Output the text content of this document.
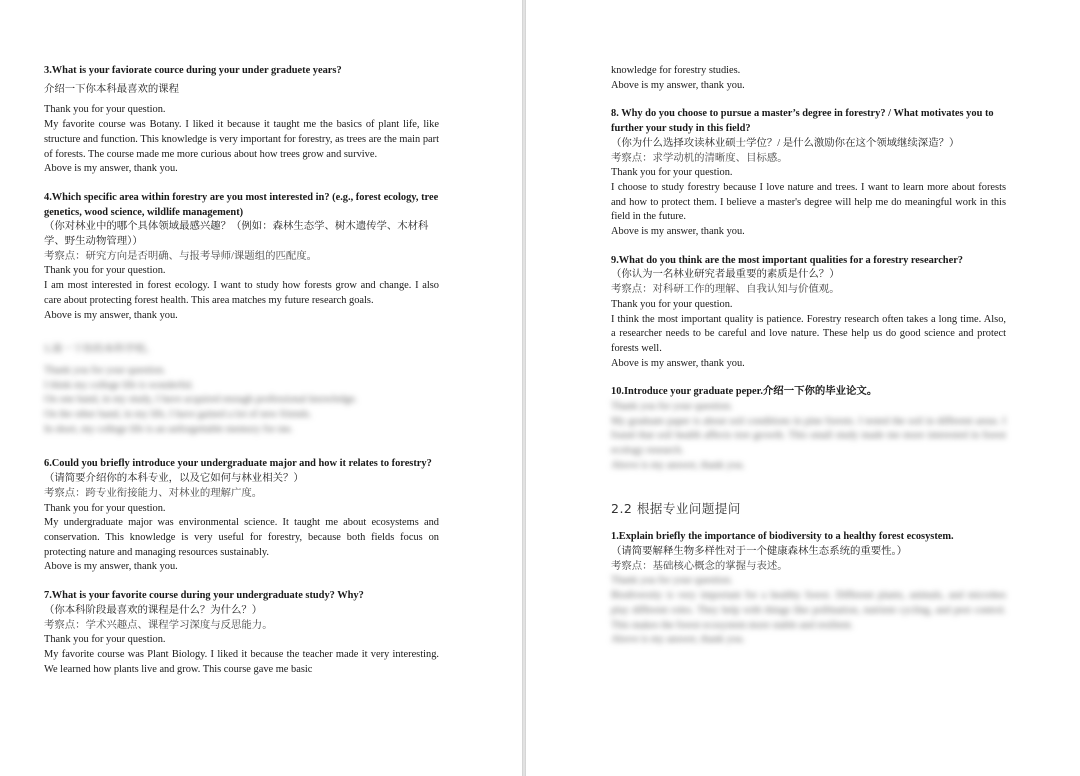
3.What is your faviorate cource during your under graduete years?

介绍一下你本科最喜欢的课程

Thank you for your question.

My favorite course was Botany. I liked it because it taught me the basics of plant life, like structure and function. This knowledge is very important for forestry, as trees are the main part of forests. The course made me more curious about how trees grow and survive.

Above is my answer, thank you.

4.Which specific area within forestry are you most interested in? (e.g., forest ecology, tree genetics, wood science, wildlife management)

（你对林业中的哪个具体领域最感兴趣？（例如：森林生态学、树木遗传学、木材科学、野生动物管理））

考察点：研究方向是否明确、与报考导师/课题组的匹配度。

Thank you for your question.

I am most interested in forest ecology. I want to study how forests grow and change. I also care about protecting forest health. This area matches my future research goals.

Above is my answer, thank you.

5.谈一下你的本科学校。

Thank you for your question.

I think my college life is wonderful.

On one hand, in my study, I have acquired enough professional knowledge.

On the other hand, in my life, I have gained a lot of new friends.

In short, my college life is an unforgettable memory for me.

6.Could you briefly introduce your undergraduate major and how it relates to forestry?

（请简要介绍你的本科专业，以及它如何与林业相关？）

考察点：跨专业衔接能力、对林业的理解广度。

Thank you for your question.

My undergraduate major was environmental science. It taught me about ecosystems and conservation. This knowledge is very useful for forestry, because both fields focus on protecting nature and managing resources sustainably.

Above is my answer, thank you.

7.What is your favorite course during your undergraduate study? Why?

（你本科阶段最喜欢的课程是什么？为什么？）

考察点：学术兴趣点、课程学习深度与反思能力。

Thank you for your question.

My favorite course was Plant Biology. I liked it because the teacher made it very interesting. We learned how plants live and grow. This course gave me basic

knowledge for forestry studies.

Above is my answer, thank you.

8. Why do you choose to pursue a master’s degree in forestry? / What motivates you to further your study in this field?

（你为什么选择攻读林业硕士学位？/ 是什么激励你在这个领域继续深造？）

考察点：求学动机的清晰度、目标感。

Thank you for your question.

I choose to study forestry because I love nature and trees. I want to learn more about forests and how to protect them. I believe a master's degree will help me do meaningful work in this field in the future.

Above is my answer, thank you.

9.What do you think are the most important qualities for a forestry researcher?

（你认为一名林业研究者最重要的素质是什么？）

考察点：对科研工作的理解、自我认知与价值观。

Thank you for your question.

I think the most important quality is patience. Forestry research often takes a long time. Also, a researcher needs to be careful and love nature. These help us do good science and protect forests well.

Above is my answer, thank you.

10.Introduce your graduate peper.介绍一下你的毕业论文。

Thank you for your question.

My graduate paper is about soil conditions in pine forests. I tested the soil in different areas. I found that soil health affects tree growth. This small study made me more interested in forest ecology research.

Above is my answer, thank you.

2.2 根据专业问题提问

1.Explain briefly the importance of biodiversity to a healthy forest ecosystem.

（请简要解释生物多样性对于一个健康森林生态系统的重要性。）

考察点：基础核心概念的掌握与表述。

Thank you for your question.

Biodiversity is very important for a healthy forest. Different plants, animals, and microbes play different roles. They help with things like pollination, nutrient cycling, and pest control. This makes the forest ecosystem more stable and resilient.

Above is my answer, thank you.
